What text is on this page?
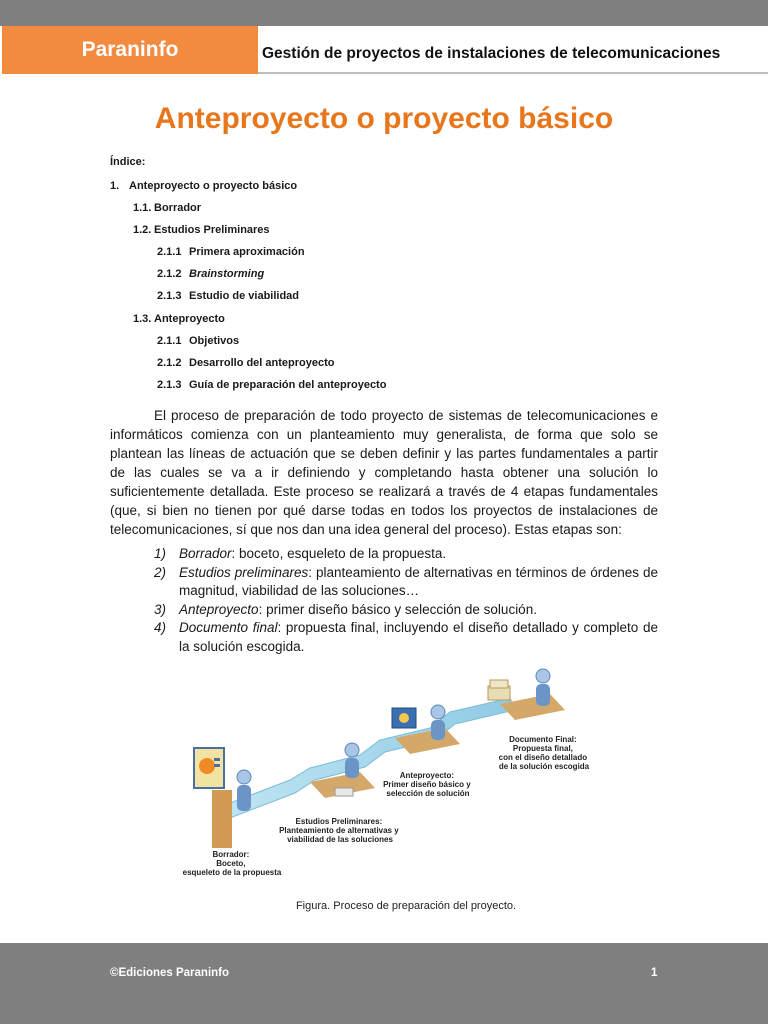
Paraninfo	Gestión de proyectos de instalaciones de telecomunicaciones
Anteproyecto o proyecto básico
Índice:
1. Anteproyecto o proyecto básico
1.1. Borrador
1.2. Estudios Preliminares
2.1.1 Primera aproximación
2.1.2 Brainstorming
2.1.3 Estudio de viabilidad
1.3. Anteproyecto
2.1.1 Objetivos
2.1.2 Desarrollo del anteproyecto
2.1.3 Guía de preparación del anteproyecto

El proceso de preparación de todo proyecto de sistemas de telecomunicaciones e informáticos comienza con un planteamiento muy generalista, de forma que solo se plantean las líneas de actuación que se deben definir y las partes fundamentales a partir de las cuales se va a ir definiendo y completando hasta obtener una solución lo suficientemente detallada. Este proceso se realizará a través de 4 etapas fundamentales (que, si bien no tienen por qué darse todas en todos los proyectos de instalaciones de telecomunicaciones, sí que nos dan una idea general del proceso). Estas etapas son:

1) Borrador: boceto, esqueleto de la propuesta.
2) Estudios preliminares: planteamiento de alternativas en términos de órdenes de magnitud, viabilidad de las soluciones…
3) Anteproyecto: primer diseño básico y selección de solución.
4) Documento final: propuesta final, incluyendo el diseño detallado y completo de la solución escogida.
Borrador: Boceto, esqueleto de la propuesta
Estudios Preliminares: Planteamiento de alternativas y viabilidad de las soluciones
Anteproyecto: Primer diseño básico y selección de solución
Documento Final: Propuesta final, con el diseño detallado de la solución escogida
Figura. Proceso de preparación del proyecto.
©Ediciones Paraninfo	1
